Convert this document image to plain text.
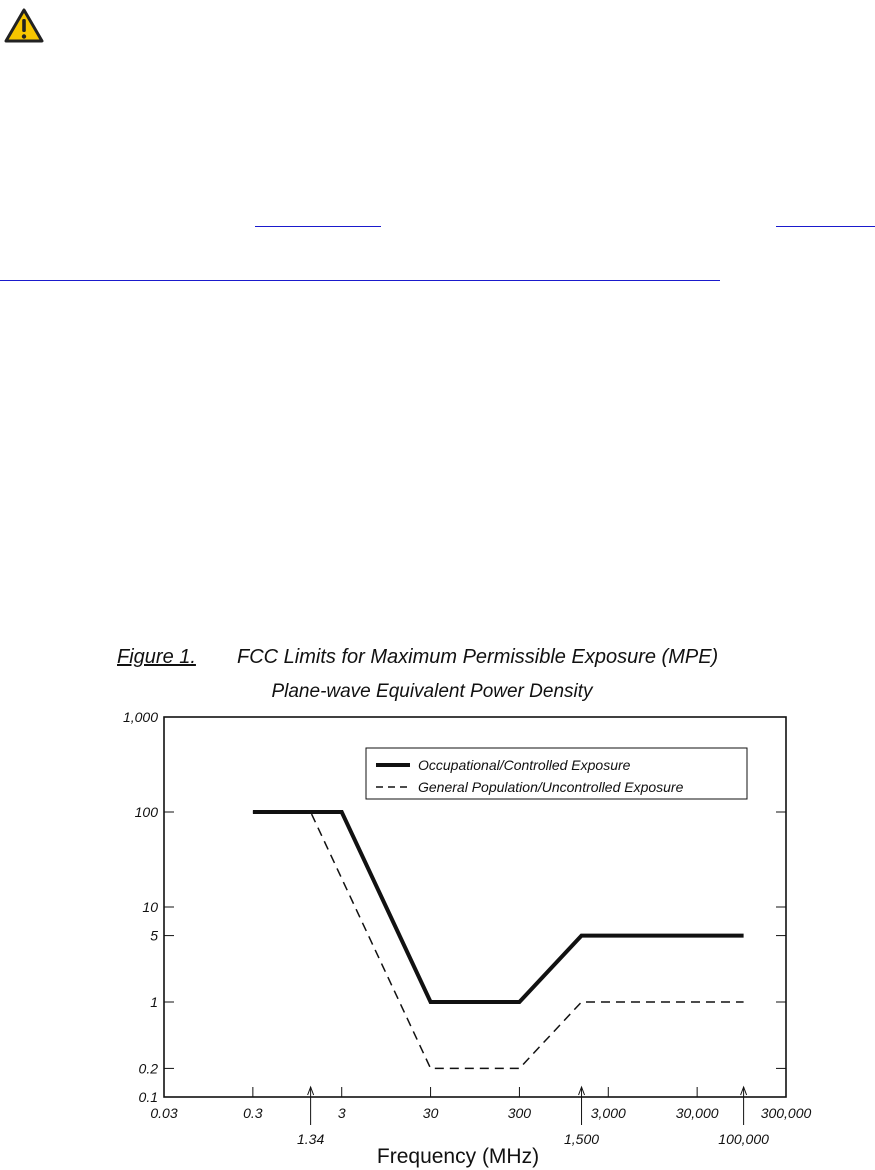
Figure 1. FCC Limits for Maximum Permissible Exposure (MPE)
Plane-wave Equivalent Power Density
0.1
0.2
1
5
10
100
1,000
0.03	0.3	3	30	300	3,000	30,000	300,000
1.34	1,500	100,000
Occupational/Controlled Exposure
General Population/Uncontrolled Exposure
Frequency (MHz)
